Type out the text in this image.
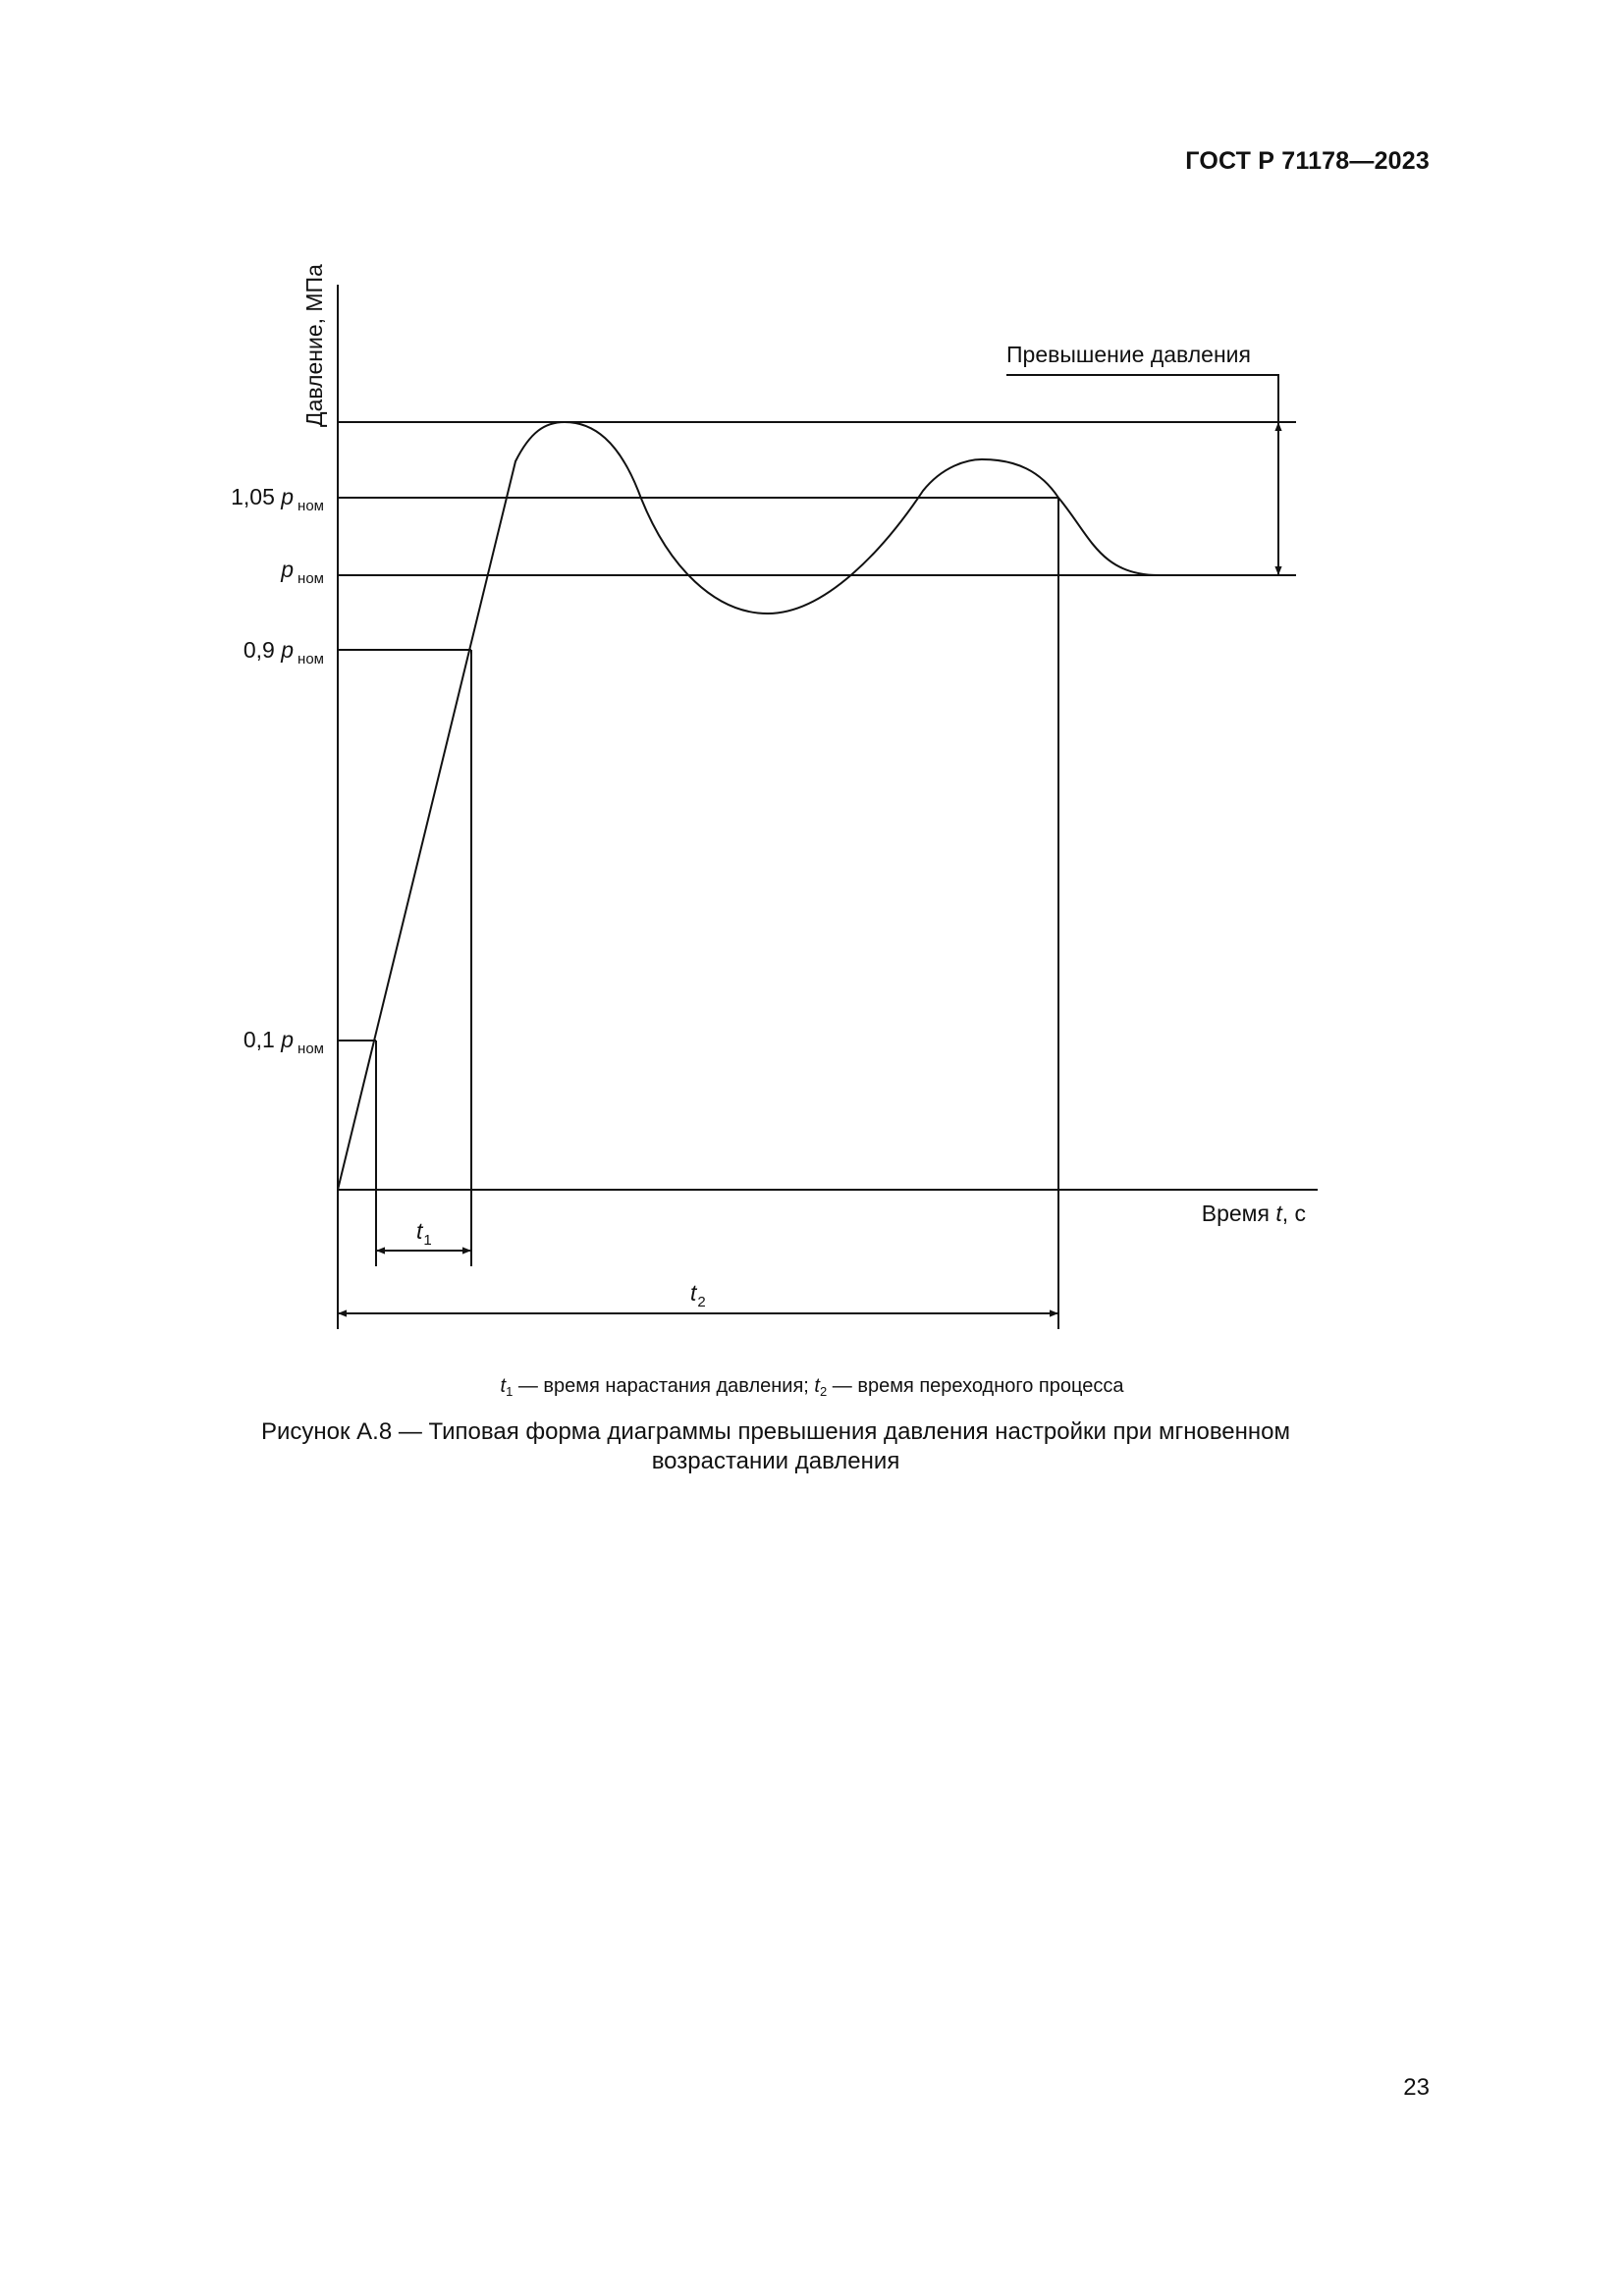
ГОСТ Р 71178—2023
Давление, МПа	Превышение давления
1,05 p $_{ном}$
p $_{ном}$
0,9 p $_{ном}$
0,1 p $_{ном}$
Время t, с
$t_1$
$t_2$
$t_1$ — время нарастания давления; $t_2$ — время переходного процесса
Рисунок А.8 — Типовая форма диаграммы превышения давления настройки при мгновенном
возрастании давления
23
